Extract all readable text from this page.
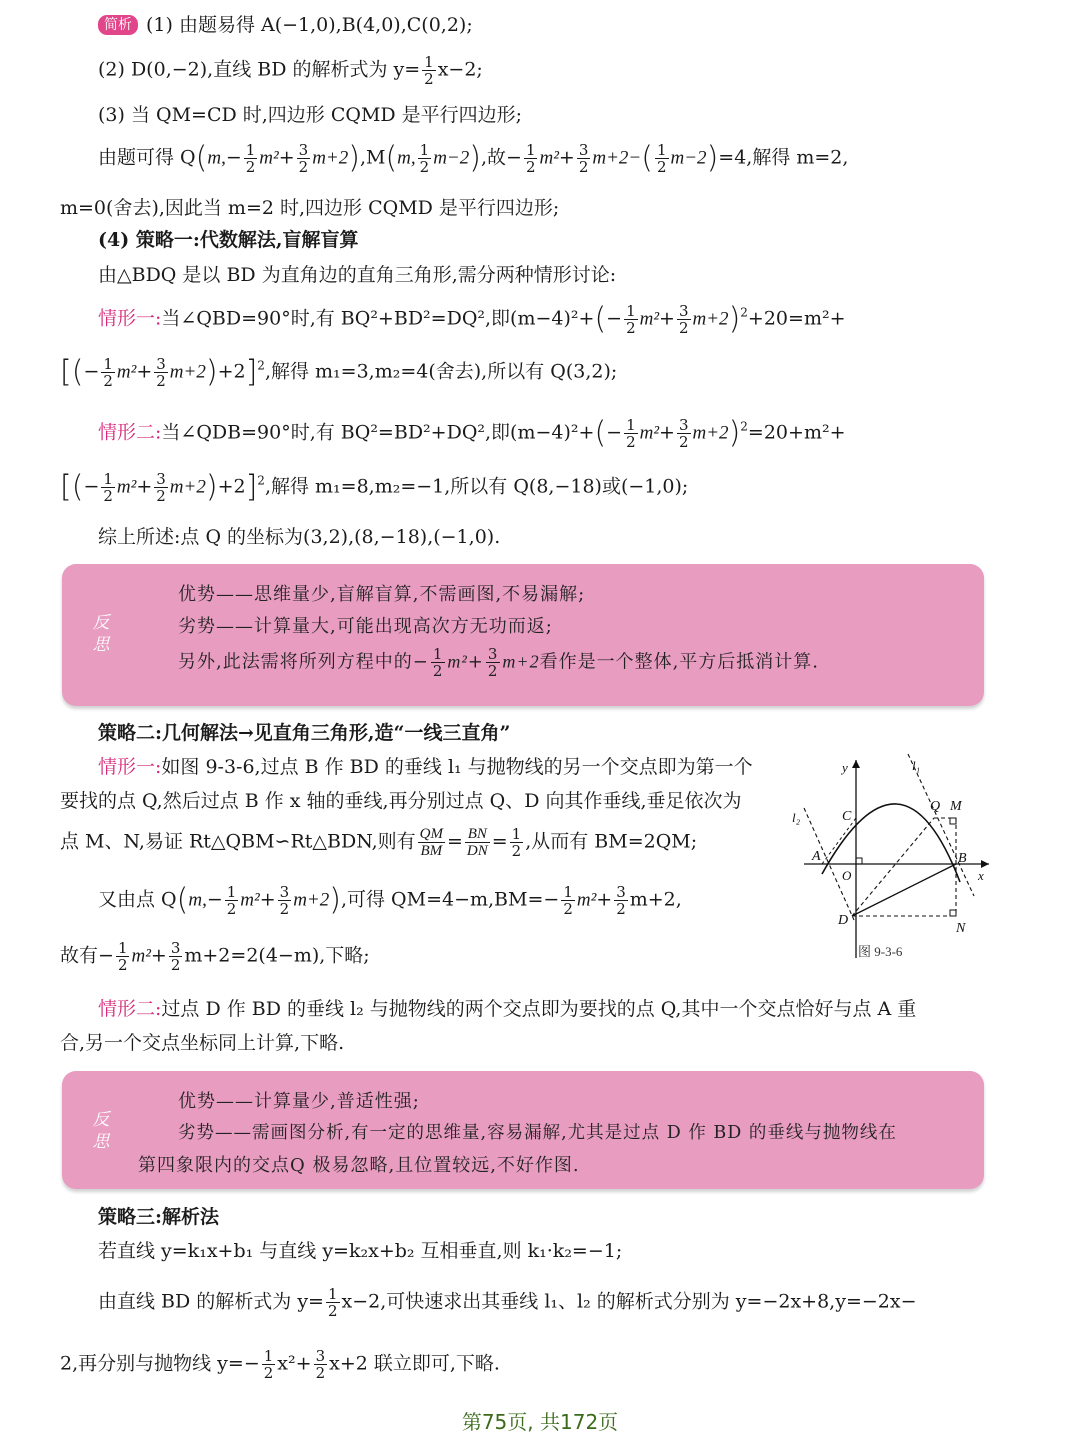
简析 (1) 由题易得 A(−1,0),B(4,0),C(0,2);
(2) D(0,−2),直线 BD 的解析式为 $y= \frac{1}{2} x-2$;
(3) 当 QM=CD 时,四边形 CQMD 是平行四边形;
由题可得 $Q(m,- \frac{1}{2} m^2+ \frac{3}{2} m+2),M(m$, $\frac{1}{2} m-2$),故− $\frac{1}{2} m^2+ \frac{3}{2} m+2-( \frac{1}{2} m-2)=4$,解得 m=2,
m=0(舍去),因此当 m=2 时,四边形 CQMD 是平行四边形;
(4) 策略一:代数解法,盲解盲算
由△BDQ 是以 BD 为直角边的直角三角形,需分两种情形讨论:
情形一:当∠QBD=90°时,有 BQ²+BD²=DQ²,即$(m-4)^2+(- \frac{1}{2} m^2+ \frac{3}{2} m+2)^2+20=m^2+$
[(− $\frac{1}{2} m^2+ \frac{3}{2} m+2)+2]^2$,解得 m₁=3,m₂=4(舍去),所以有 Q(3,2);
情形二:当∠QDB=90°时,有 BQ²=BD²+DQ²,即$(m-4)^2+(- \frac{1}{2} m^2+ \frac{3}{2} m+2)^2=20+m^2+$
[(− $\frac{1}{2} m^2+ \frac{3}{2} m+2)+2]^2$,解得 m₁=8,m₂=−1,所以有 Q(8,−18)或(−1,0);
综上所述:点 Q 的坐标为(3,2),(8,−18),(−1,0).
反思
优势——思维量少,盲解盲算,不需画图,不易漏解;
劣势——计算量大,可能出现高次方无功而返;
另外,此法需将所列方程中的− $\frac{1}{2} m^2+ \frac{3}{2} m+2$看作是一个整体,平方后抵消计算.
策略二:几何解法→见直角三角形,造“一线三直角”
情形一:如图 9-3-6,过点 B 作 BD 的垂线 l₁ 与抛物线的另一个交点即为第一个
要找的点 Q,然后过点 B 作 x 轴的垂线,再分别过点 Q、D 向其作垂线,垂足依次为
点 M、N,易证 Rt△QBM∽Rt△BDN,则有 $\frac{QM}{BM} = \frac{BN}{DN} = \frac{1}{2}$ ,从而有 BM=2QM;
又由点 $Q(m,- \frac{1}{2} m^2+ \frac{3}{2} m+2)$,可得 $QM=4-m,BM=- \frac{1}{2} m^2+ \frac{3}{2} m+2$,
故有− $\frac{1}{2} m^2+ \frac{3}{2} m+2=2(4-m)$,下略;
情形二:过点 D 作 BD 的垂线 l₂ 与抛物线的两个交点即为要找的点 Q,其中一个交点恰好与点 A 重
合,另一个交点坐标同上计算,下略.
y	l₁
l₂	C
Q M
A
O
B
x
D
N
图 9-3-6
反思
优势——计算量少,普适性强;
劣势——需画图分析,有一定的思维量,容易漏解,尤其是过点 D 作 BD 的垂线与抛物线在
第四象限内的交点Q 极易忽略,且位置较远,不好作图.
策略三:解析法
若直线 y=k₁x+b₁ 与直线 y=k₂x+b₂ 互相垂直,则 k₁·k₂=−1;
由直线 BD 的解析式为 $y= \frac{1}{2} x-2$,可快速求出其垂线 l₁、l₂ 的解析式分别为 y=−2x+8,y=−2x−
2,再分别与抛物线 $y=- \frac{1}{2} x^2+ \frac{3}{2} x+2$ 联立即可,下略.
第75页, 共172页
